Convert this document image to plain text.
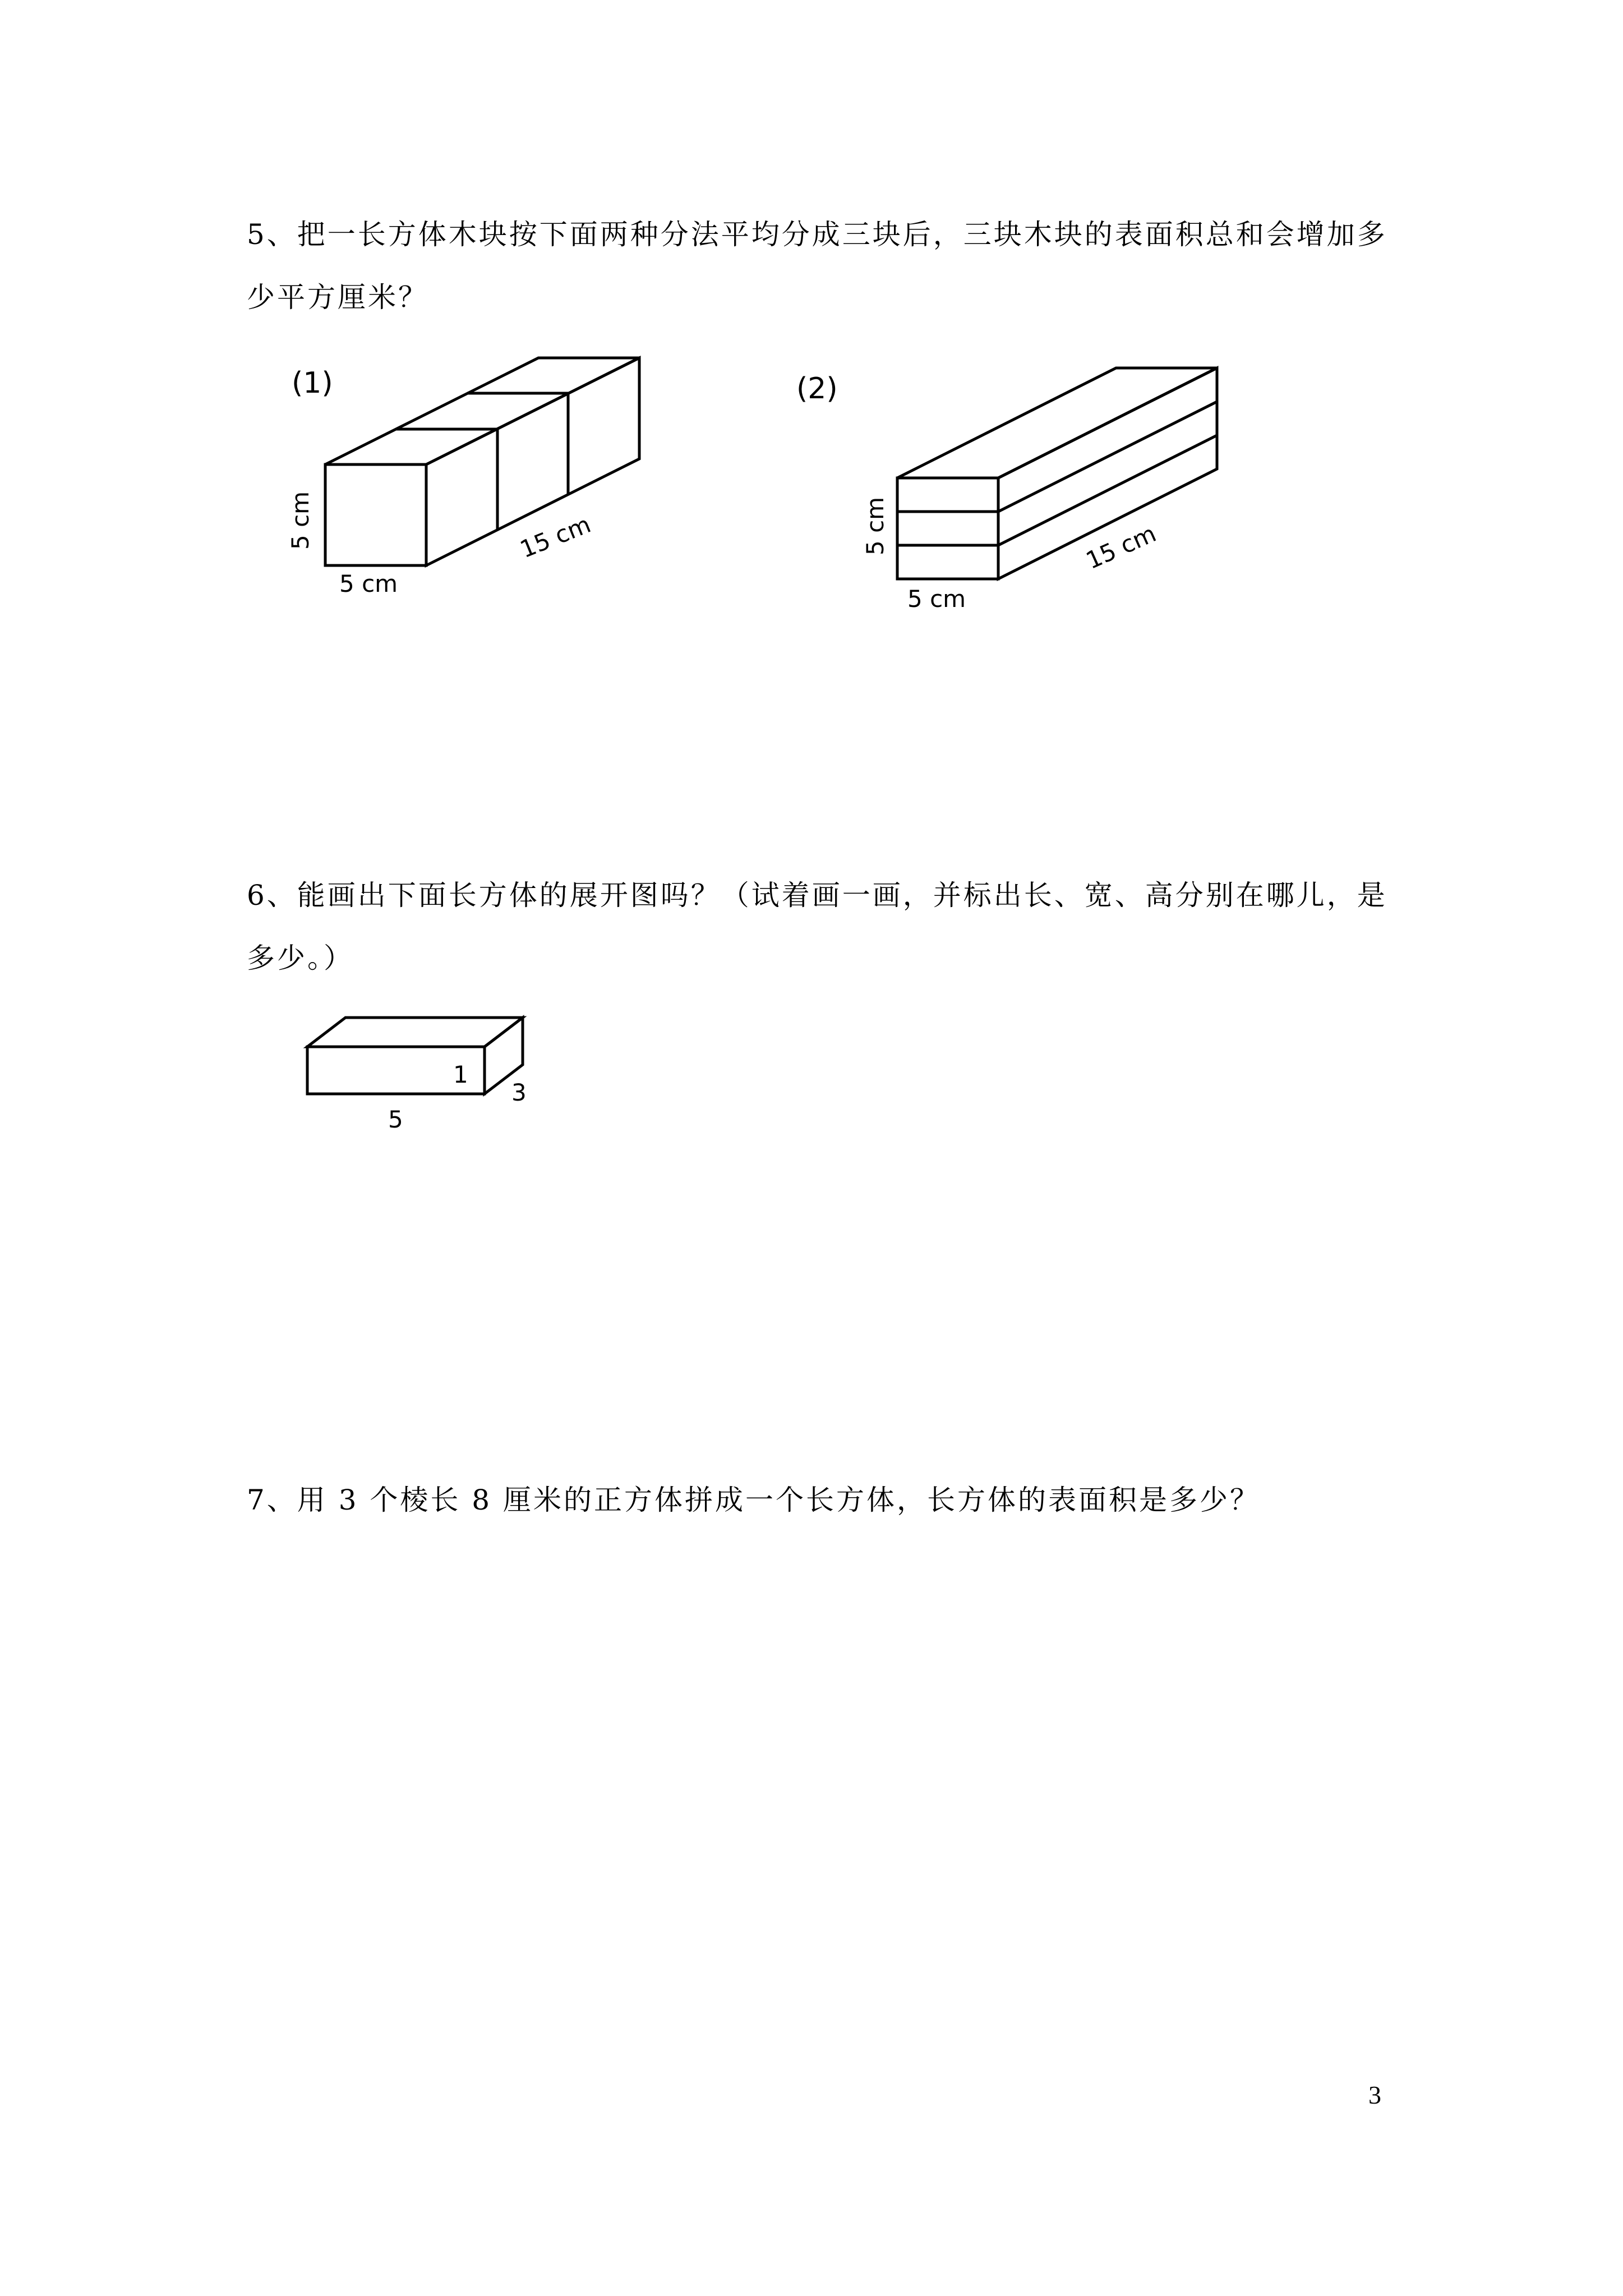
5、把一长方体木块按下面两种分法平均分成三块后，三块木块的表面积总和会增加多少平方厘米？
(1)
5 cm
5 cm
15 cm
(2)
5 cm
5 cm
15 cm
6、能画出下面长方体的展开图吗？（试着画一画，并标出长、宽、高分别在哪儿，是多少。）
5
1
3
7、用 3 个棱长 8 厘米的正方体拼成一个长方体，长方体的表面积是多少？
3
